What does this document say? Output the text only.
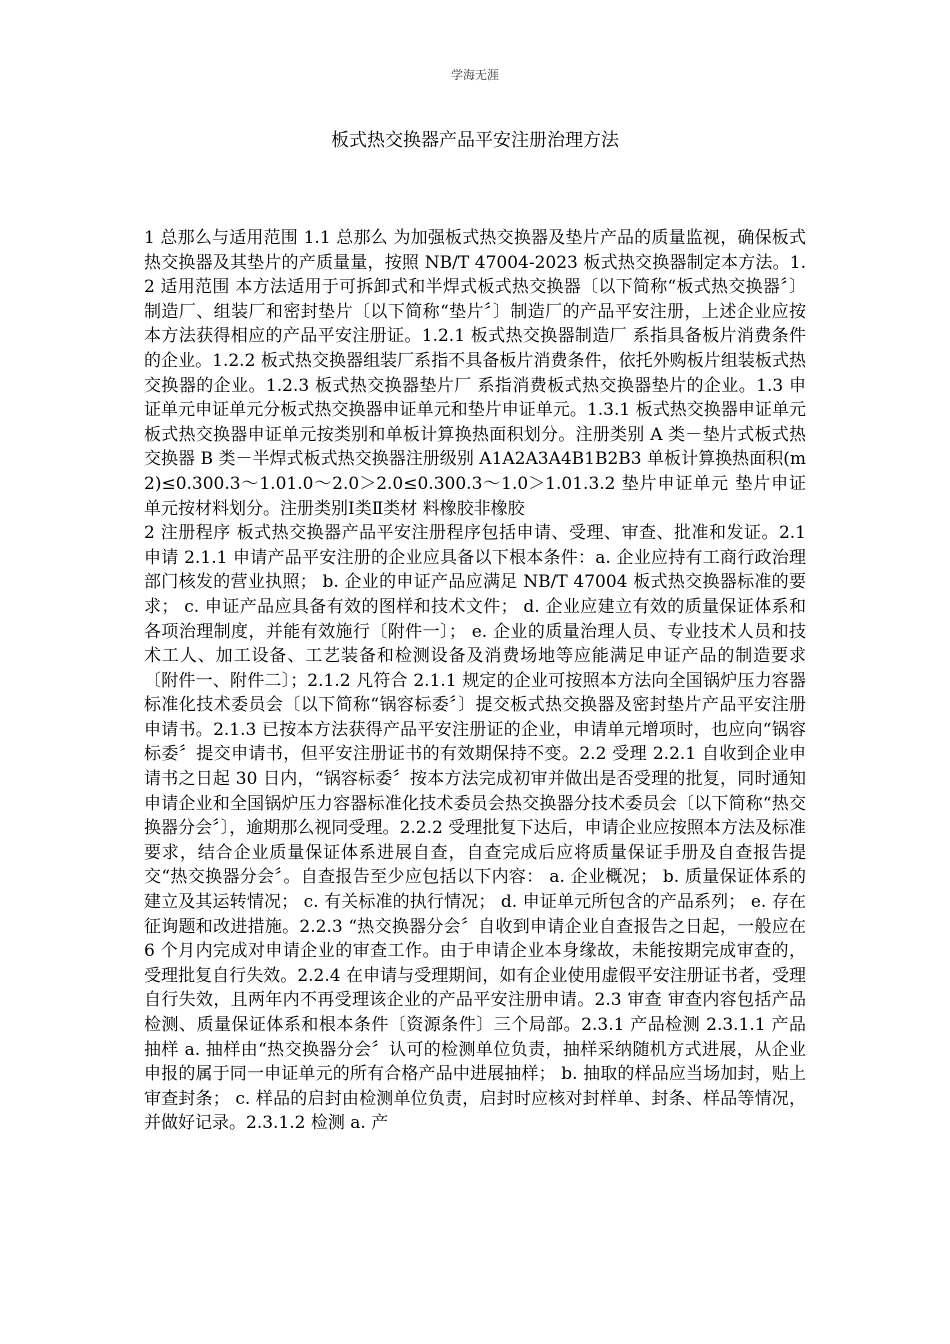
学海无涯
板式热交换器产品平安注册治理方法

1 总那么与适用范围 1.1 总那么 为加强板式热交换器及垫片产品的质量监视，确保板式热交换器及其垫片的产质量量，按照 NB/T 47004-2023 板式热交换器制定本方法。1.2 适用范围 本方法适用于可拆卸式和半焊式板式热交换器〔以下简称“板式热交换器〞〕制造厂、组装厂和密封垫片〔以下简称“垫片〞〕制造厂的产品平安注册，上述企业应按本方法获得相应的产品平安注册证。1.2.1 板式热交换器制造厂 系指具备板片消费条件的企业。1.2.2 板式热交换器组装厂系指不具备板片消费条件，依托外购板片组装板式热交换器的企业。1.2.3 板式热交换器垫片厂 系指消费板式热交换器垫片的企业。1.3 申证单元申证单元分板式热交换器申证单元和垫片申证单元。1.3.1 板式热交换器申证单元板式热交换器申证单元按类别和单板计算换热面积划分。注册类别 A 类－垫片式板式热交换器 B 类－半焊式板式热交换器注册级别 A1A2A3A4B1B2B3 单板计算换热面积(m2)≤0.300.3～1.01.0～2.0＞2.0≤0.300.3～1.0＞1.01.3.2 垫片申证单元 垫片申证单元按材料划分。注册类别Ⅰ类Ⅱ类材 料橡胶非橡胶

2 注册程序 板式热交换器产品平安注册程序包括申请、受理、审查、批准和发证。2.1 申请 2.1.1 申请产品平安注册的企业应具备以下根本条件：a. 企业应持有工商行政治理部门核发的营业执照； b. 企业的申证产品应满足 NB/T 47004 板式热交换器标准的要求； c. 申证产品应具备有效的图样和技术文件； d. 企业应建立有效的质量保证体系和各项治理制度，并能有效施行〔附件一〕； e. 企业的质量治理人员、专业技术人员和技术工人、加工设备、工艺装备和检测设备及消费场地等应能满足申证产品的制造要求〔附件一、附件二〕；2.1.2 凡符合 2.1.1 规定的企业可按照本方法向全国锅炉压力容器标准化技术委员会〔以下简称“锅容标委〞〕提交板式热交换器及密封垫片产品平安注册申请书。2.1.3 已按本方法获得产品平安注册证的企业，申请单元增项时，也应向“锅容标委〞提交申请书，但平安注册证书的有效期保持不变。2.2 受理 2.2.1 自收到企业申请书之日起 30 日内，“锅容标委〞按本方法完成初审并做出是否受理的批复，同时通知申请企业和全国锅炉压力容器标准化技术委员会热交换器分技术委员会〔以下简称“热交换器分会〞〕，逾期那么视同受理。2.2.2 受理批复下达后，申请企业应按照本方法及标准要求，结合企业质量保证体系进展自查，自查完成后应将质量保证手册及自查报告提交“热交换器分会〞。自查报告至少应包括以下内容： a. 企业概况； b. 质量保证体系的建立及其运转情况； c. 有关标准的执行情况； d. 申证单元所包含的产品系列； e. 存在征询题和改进措施。2.2.3 “热交换器分会〞自收到申请企业自查报告之日起，一般应在 6 个月内完成对申请企业的审查工作。由于申请企业本身缘故，未能按期完成审查的，受理批复自行失效。2.2.4 在申请与受理期间，如有企业使用虚假平安注册证书者，受理自行失效，且两年内不再受理该企业的产品平安注册申请。2.3 审查 审查内容包括产品检测、质量保证体系和根本条件〔资源条件〕三个局部。2.3.1 产品检测 2.3.1.1 产品抽样 a. 抽样由“热交换器分会〞认可的检测单位负责，抽样采纳随机方式进展，从企业申报的属于同一申证单元的所有合格产品中进展抽样； b. 抽取的样品应当场加封，贴上审查封条； c. 样品的启封由检测单位负责，启封时应核对封样单、封条、样品等情况，并做好记录。2.3.1.2 检测 a. 产
